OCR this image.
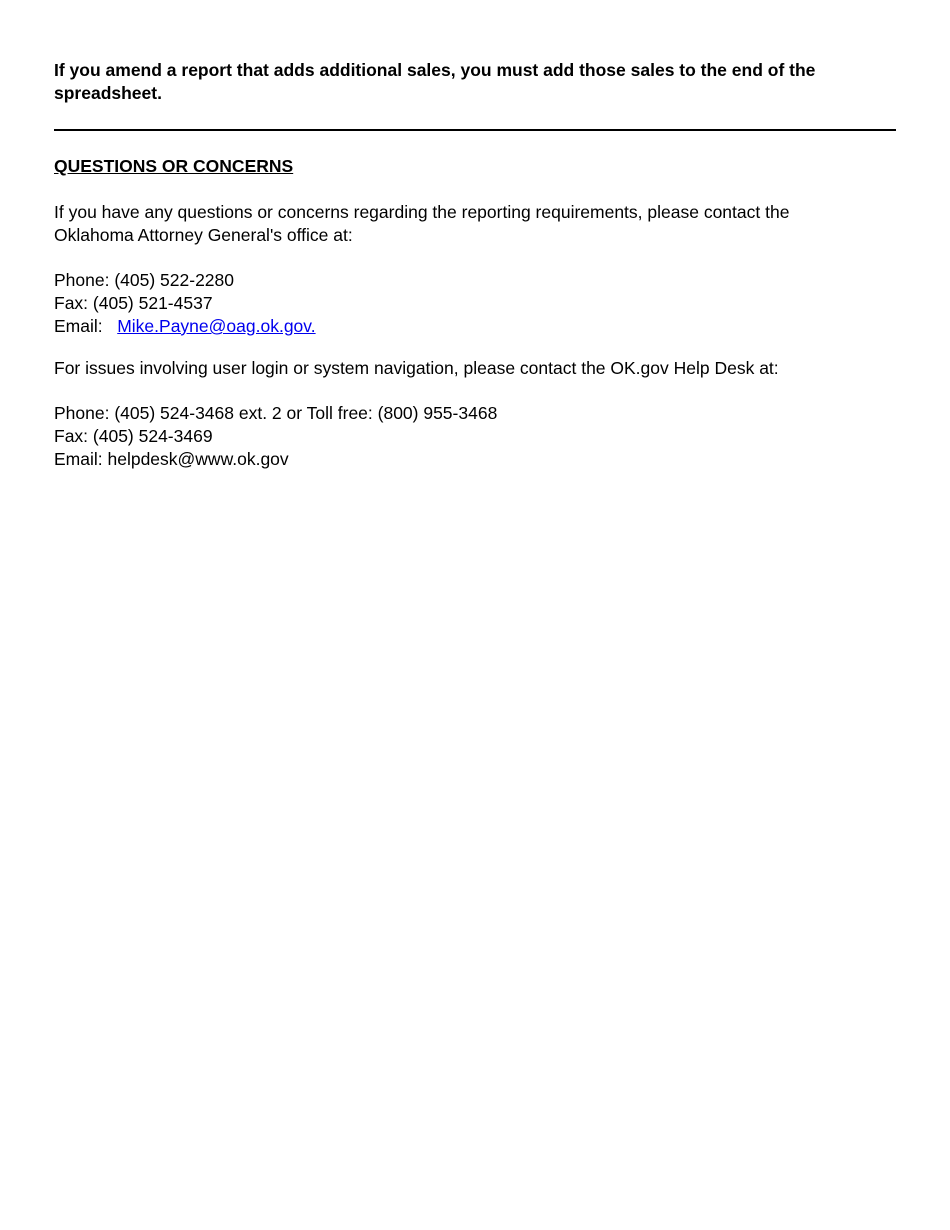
If you amend a report that adds additional sales, you must add those sales to the end of the
spreadsheet.
QUESTIONS OR CONCERNS
If you have any questions or concerns regarding the reporting requirements, please contact the
Oklahoma Attorney General's office at:
Phone: (405) 522-2280
Fax: (405) 521-4537
Email: Mike.Payne@oag.ok.gov.
For issues involving user login or system navigation, please contact the OK.gov Help Desk at:
Phone: (405) 524-3468 ext. 2 or Toll free: (800) 955-3468
Fax: (405) 524-3469
Email: helpdesk@www.ok.gov
